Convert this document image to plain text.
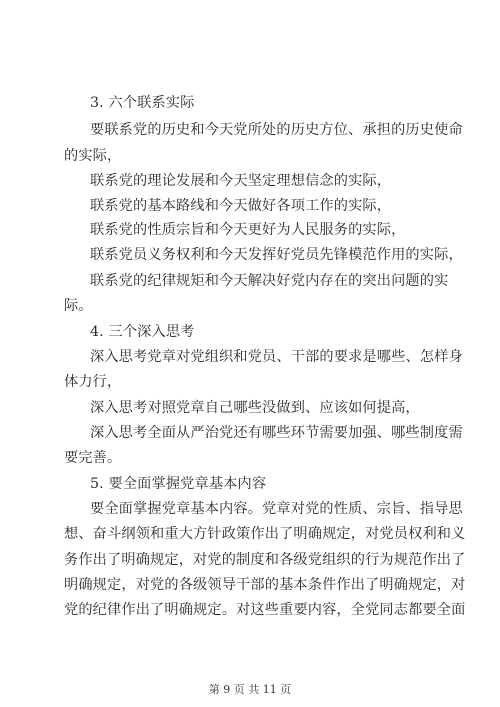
3. 六个联系实际
要联系党的历史和今天党所处的历史方位、承担的历史使命
的实际，
联系党的理论发展和今天坚定理想信念的实际，
联系党的基本路线和今天做好各项工作的实际，
联系党的性质宗旨和今天更好为人民服务的实际，
联系党员义务权利和今天发挥好党员先锋模范作用的实际，
联系党的纪律规矩和今天解决好党内存在的突出问题的实
际。
4. 三个深入思考
深入思考党章对党组织和党员、干部的要求是哪些、怎样身
体力行，
深入思考对照党章自己哪些没做到、应该如何提高，
深入思考全面从严治党还有哪些环节需要加强、哪些制度需
要完善。
5. 要全面掌握党章基本内容
要全面掌握党章基本内容。党章对党的性质、宗旨、指导思
想、奋斗纲领和重大方针政策作出了明确规定，对党员权利和义
务作出了明确规定，对党的制度和各级党组织的行为规范作出了
明确规定，对党的各级领导干部的基本条件作出了明确规定，对
党的纪律作出了明确规定。对这些重要内容，全党同志都要全面
第 9 页 共 11 页
